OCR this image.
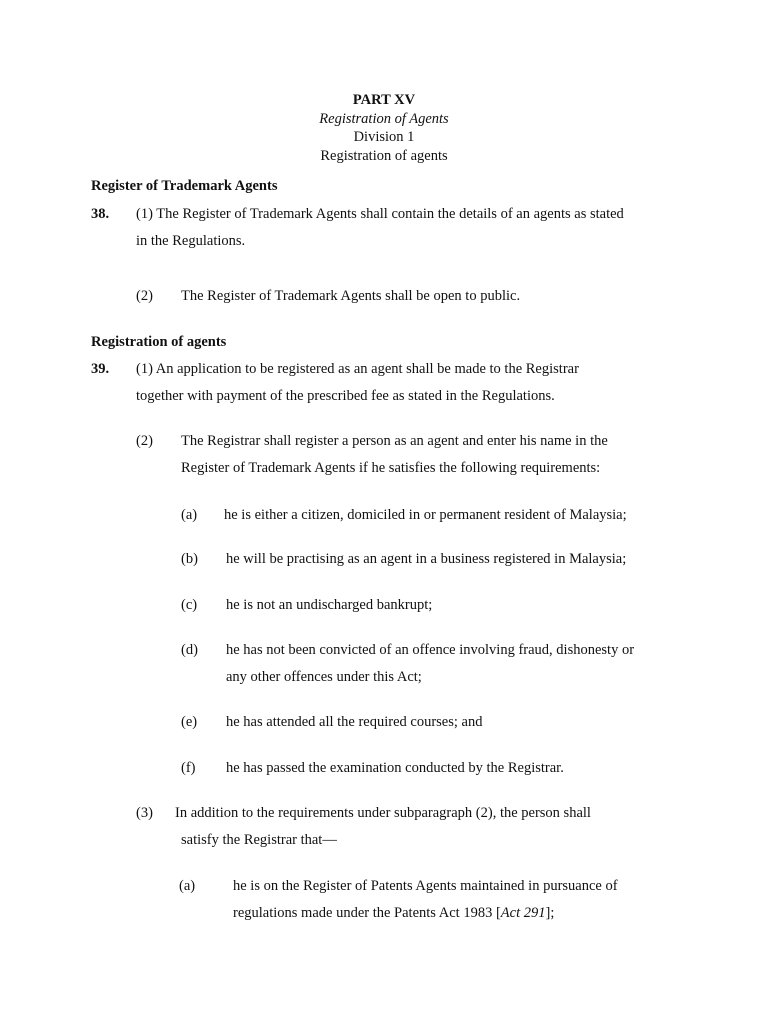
PART XV
Registration of Agents
Division 1
Registration of agents
Register of Trademark Agents
38. (1) The Register of Trademark Agents shall contain the details of an agents as stated
in the Regulations.
(2) The Register of Trademark Agents shall be open to public.
Registration of agents
39. (1) An application to be registered as an agent shall be made to the Registrar
together with payment of the prescribed fee as stated in the Regulations.
(2) The Registrar shall register a person as an agent and enter his name in the
Register of Trademark Agents if he satisfies the following requirements:
(a) he is either a citizen, domiciled in or permanent resident of Malaysia;
(b) he will be practising as an agent in a business registered in Malaysia;
(c) he is not an undischarged bankrupt;
(d) he has not been convicted of an offence involving fraud, dishonesty or
any other offences under this Act;
(e) he has attended all the required courses; and
(f) he has passed the examination conducted by the Registrar.
(3) In addition to the requirements under subparagraph (2), the person shall
satisfy the Registrar that—
(a)	he is on the Register of Patents Agents maintained in pursuance of
regulations made under the Patents Act 1983 [Act 291];
